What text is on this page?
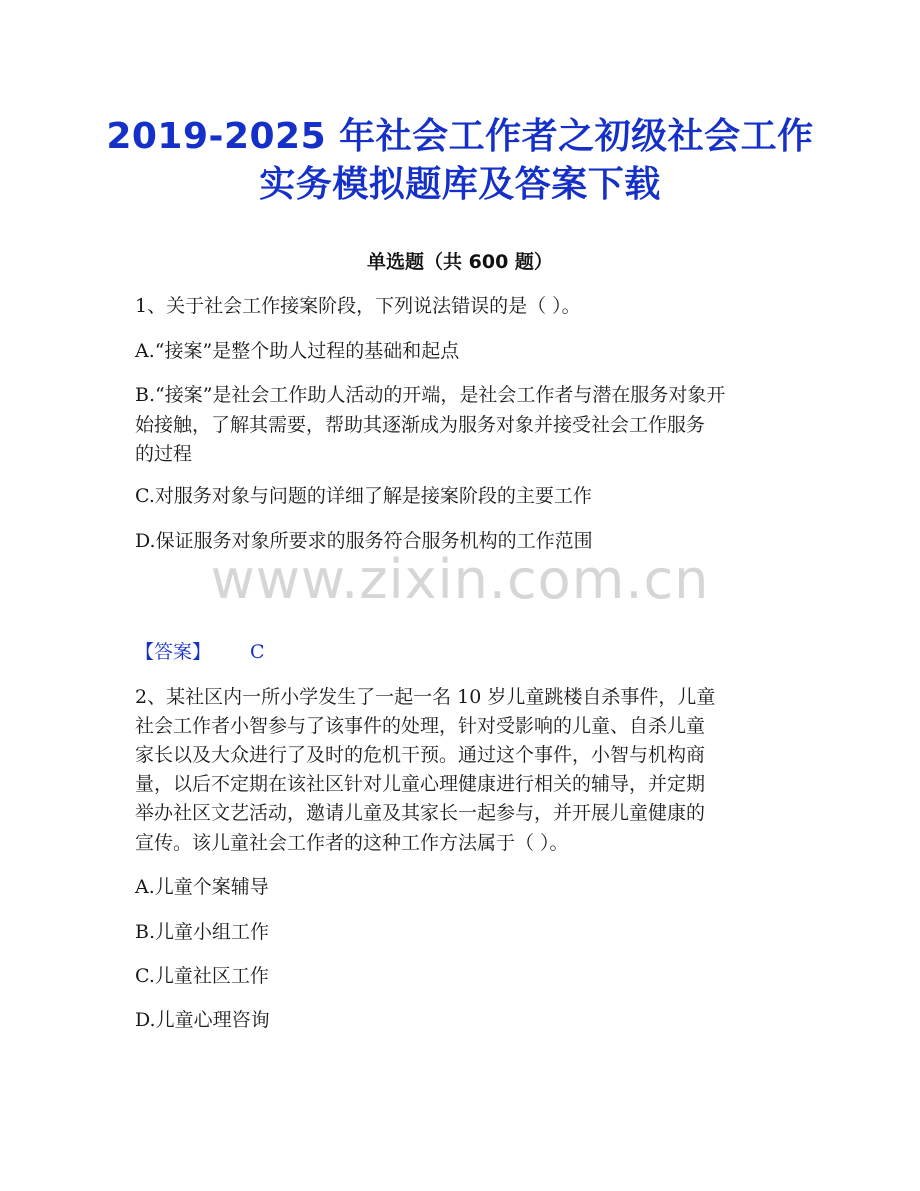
2019-2025 年社会工作者之初级社会工作
实务模拟题库及答案下载
单选题（共 600 题）
1、关于社会工作接案阶段，下列说法错误的是（ ）。
A.“接案”是整个助人过程的基础和起点
B.“接案”是社会工作助人活动的开端，是社会工作者与潜在服务对象开
始接触，了解其需要，帮助其逐渐成为服务对象并接受社会工作服务
的过程
C.对服务对象与问题的详细了解是接案阶段的主要工作
D.保证服务对象所要求的服务符合服务机构的工作范围
www.zixin.com.cn
【答案】	C
2、某社区内一所小学发生了一起一名 10 岁儿童跳楼自杀事件，儿童
社会工作者小智参与了该事件的处理，针对受影响的儿童、自杀儿童
家长以及大众进行了及时的危机干预。通过这个事件，小智与机构商
量，以后不定期在该社区针对儿童心理健康进行相关的辅导，并定期
举办社区文艺活动，邀请儿童及其家长一起参与，并开展儿童健康的
宣传。该儿童社会工作者的这种工作方法属于（ ）。
A.儿童个案辅导
B.儿童小组工作
C.儿童社区工作
D.儿童心理咨询
